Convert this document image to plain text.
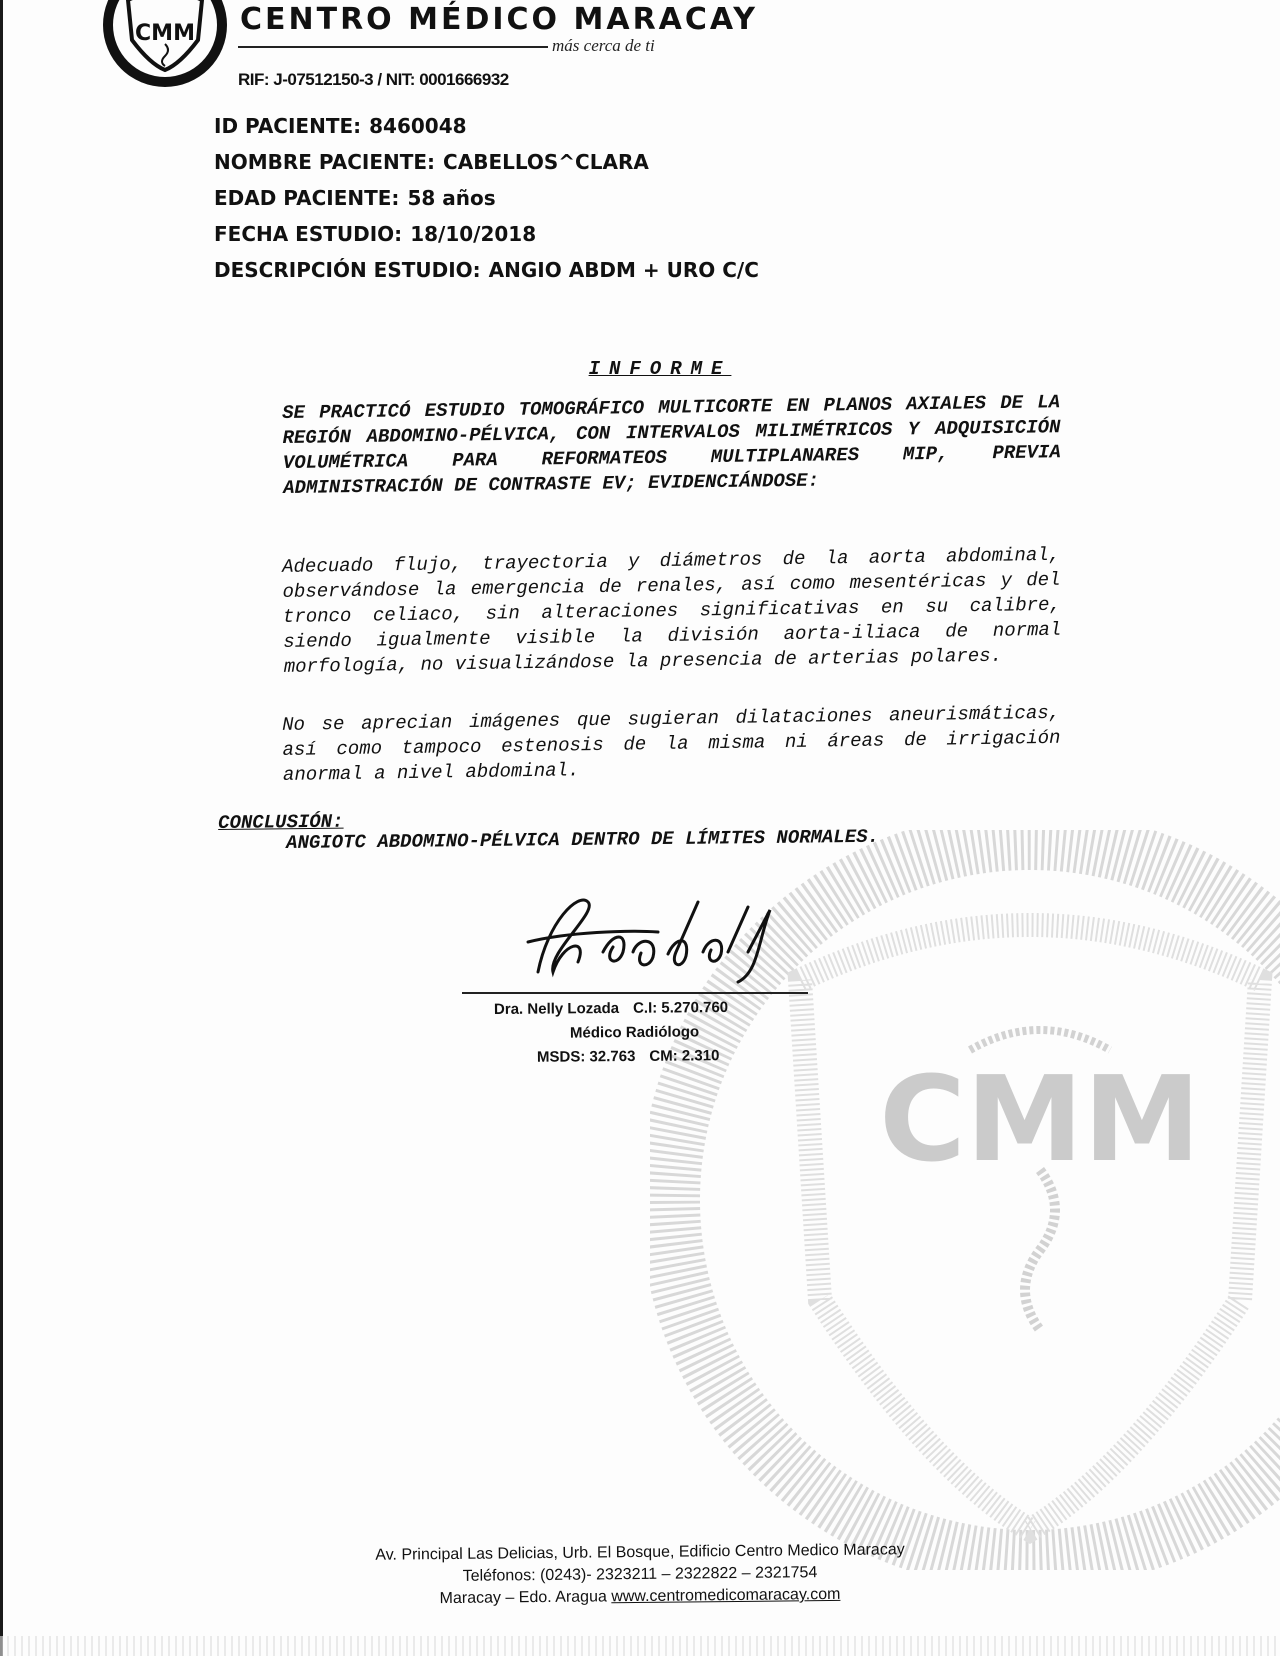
CMM CENTRO MÉDICO MARACAY
más cerca de ti
RIF: J-07512150-3 / NIT: 0001666932
ID PACIENTE: 8460048
NOMBRE PACIENTE: CABELLOS^CLARA
EDAD PACIENTE: 58 años
FECHA ESTUDIO: 18/10/2018
DESCRIPCIÓN ESTUDIO: ANGIO ABDM + URO C/C
CMM
INFORME
SE PRACTICÓ ESTUDIO TOMOGRÁFICO MULTICORTE EN PLANOS AXIALES DE LA REGIÓN ABDOMINO-PÉLVICA, CON INTERVALOS MILIMÉTRICOS Y ADQUISICIÓN VOLUMÉTRICA PARA REFORMATEOS MULTIPLANARES MIP, PREVIA ADMINISTRACIÓN DE CONTRASTE EV; EVIDENCIÁNDOSE:
Adecuado flujo, trayectoria y diámetros de la aorta abdominal, observándose la emergencia de renales, así como mesentéricas y del tronco celiaco, sin alteraciones significativas en su calibre, siendo igualmente visible la división aorta-iliaca de normal morfología, no visualizándose la presencia de arterias polares.
No se aprecian imágenes que sugieran dilataciones aneurismáticas, así como tampoco estenosis de la misma ni áreas de irrigación anormal a nivel abdominal.
CONCLUSIÓN:
ANGIOTC ABDOMINO-PÉLVICA DENTRO DE LÍMITES NORMALES.
Dra. Nelly Lozada C.I: 5.270.760
Médico Radiólogo
MSDS: 32.763 CM: 2.310
Av. Principal Las Delicias, Urb. El Bosque, Edificio Centro Medico Maracay
Teléfonos: (0243)- 2323211 – 2322822 – 2321754
Maracay – Edo. Aragua www.centromedicomaracay.com
